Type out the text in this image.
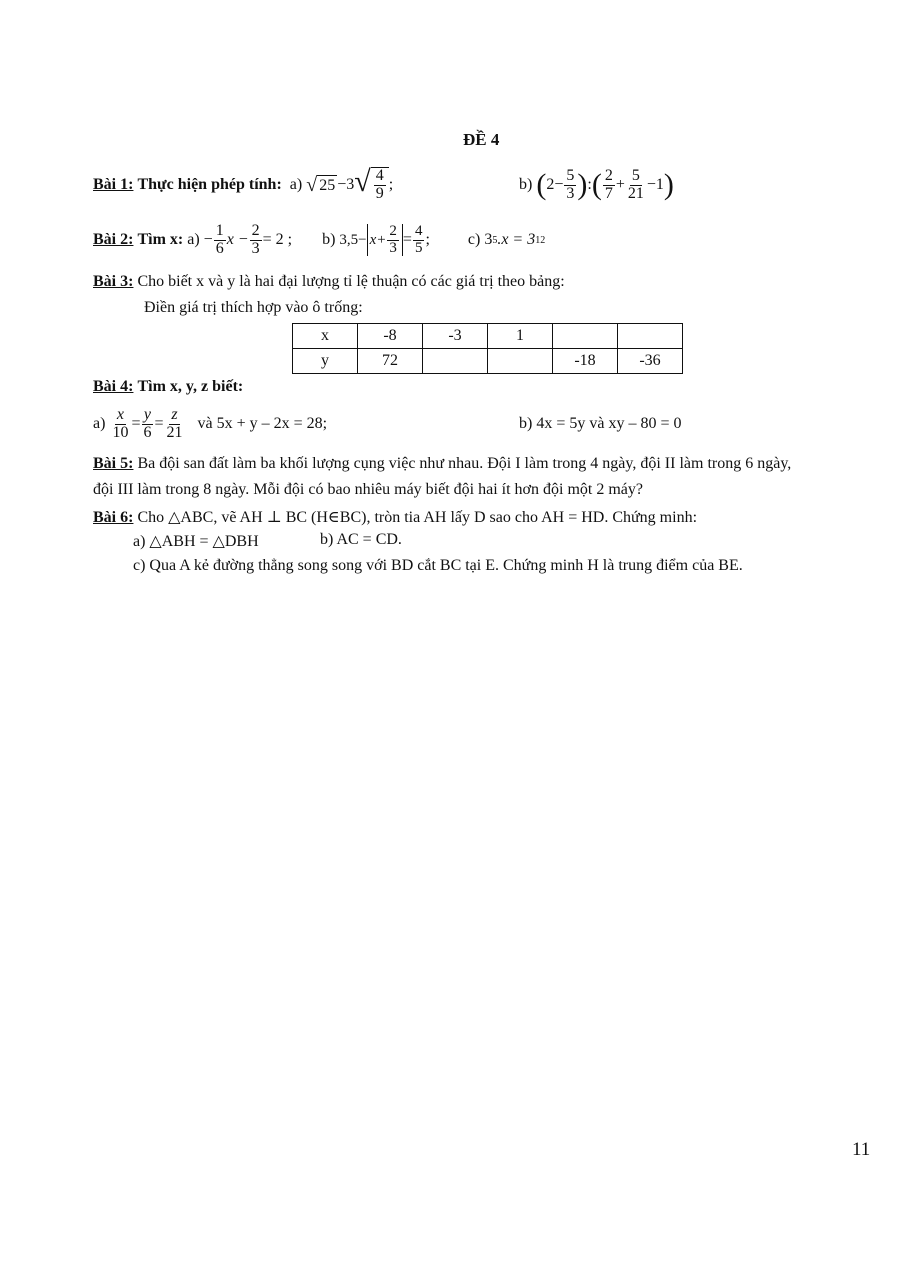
ĐỀ 4
Bài 1:
Thực hiện phép tính:
a)
√ 25 −3 √ $\frac{4}{9}$ ;	b)
( $2- \frac{5}{3}$ ) : ( $\frac{2}{7} + \frac{5}{21} -1$ )
Bài 2:
Tìm x:
a)
− $\frac{1}{6}$ $x - \frac{2}{3} = 2$ ; b)
$3,5- x+ \frac{2}{3} = \frac{4}{5}$ ; c)
3 5 .x = 3 12
Bài 3: Cho biết x và y là hai đại lượng tỉ lệ thuận có các giá trị theo bảng:
Điền giá trị thích hợp vào ô trống:
x	-8	-3	1		
y	72			-18	-36
Bài 4: Tìm x, y, z biết:
a)
$\frac{x}{10} = \frac{y}{6} = \frac{z}{21}$
và 5x + y – 2x = 28;	b) 4x = 5y và xy – 80 = 0
Bài 5: Ba đội san đất làm ba khối lượng cụng việc như nhau. Đội I làm trong 4 ngày, đội II làm trong 6 ngày,
đội III làm trong 8 ngày. Mỗi đội có bao nhiêu máy biết đội hai ít hơn đội một 2 máy?
Bài 6: Cho △ABC, vẽ AH ⊥ BC (H∈BC), tròn tia AH lấy D sao cho AH = HD. Chứng minh:
a) △ABH = △DBH	b) AC = CD.
c) Qua A kẻ đường thẳng song song với BD cắt BC tại E. Chứng minh H là trung điểm của BE.
11
